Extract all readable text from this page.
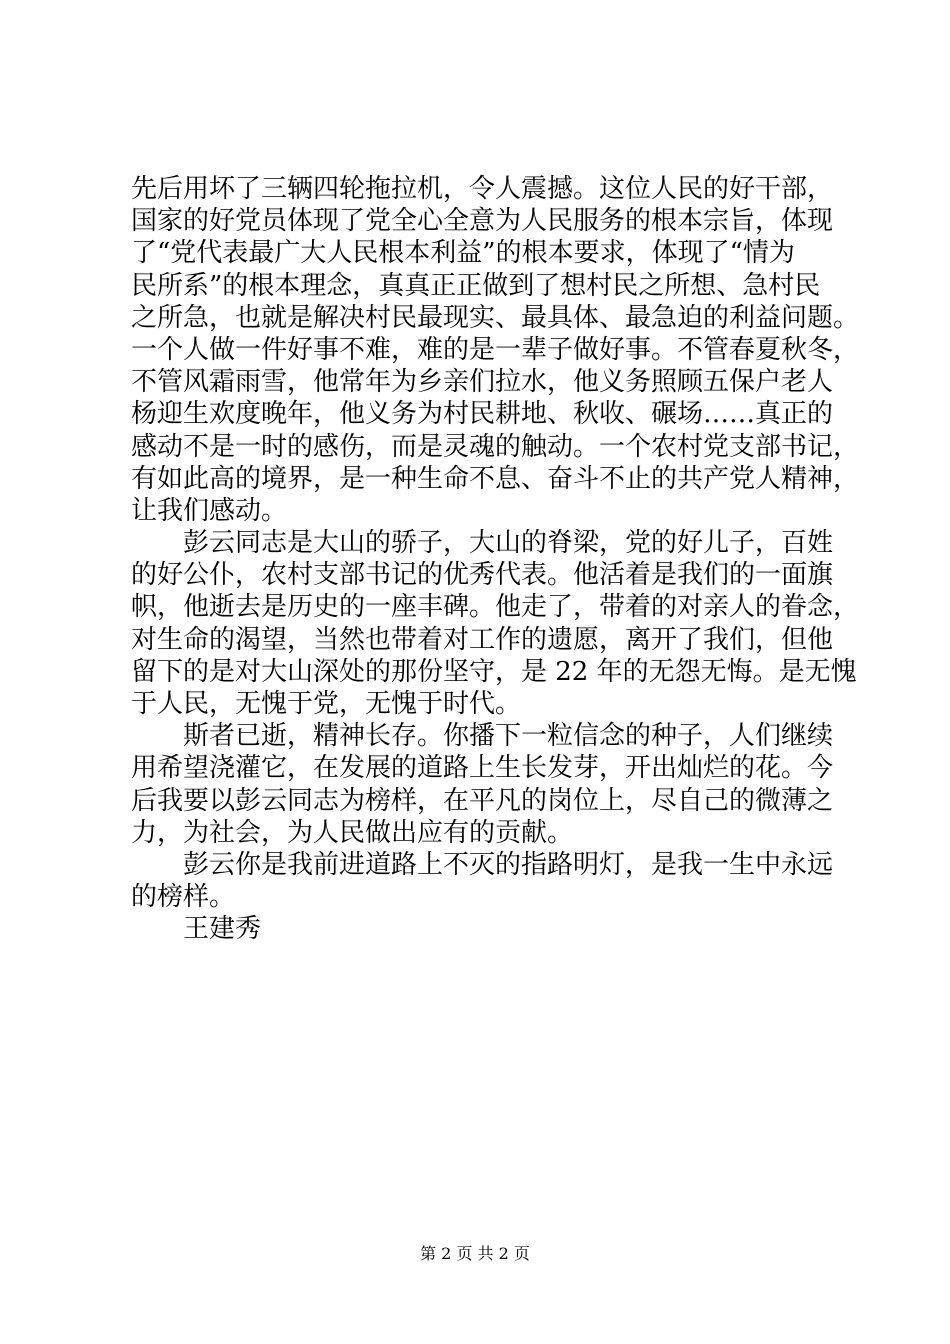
先后用坏了三辆四轮拖拉机，令人震撼。这位人民的好干部，
国家的好党员体现了党全心全意为人民服务的根本宗旨，体现
了“党代表最广大人民根本利益”的根本要求，体现了“情为
民所系”的根本理念，真真正正做到了想村民之所想、急村民
之所急，也就是解决村民最现实、最具体、最急迫的利益问题。
一个人做一件好事不难，难的是一辈子做好事。不管春夏秋冬，
不管风霜雨雪，他常年为乡亲们拉水，他义务照顾五保户老人
杨迎生欢度晚年，他义务为村民耕地、秋收、碾场……真正的
感动不是一时的感伤，而是灵魂的触动。一个农村党支部书记，
有如此高的境界，是一种生命不息、奋斗不止的共产党人精神，
让我们感动。
彭云同志是大山的骄子，大山的脊梁，党的好儿子，百姓
的好公仆，农村支部书记的优秀代表。他活着是我们的一面旗
帜，他逝去是历史的一座丰碑。他走了，带着的对亲人的眷念，
对生命的渴望，当然也带着对工作的遗愿，离开了我们，但他
留下的是对大山深处的那份坚守，是 22 年的无怨无悔。是无愧
于人民，无愧于党，无愧于时代。
斯者已逝，精神长存。你播下一粒信念的种子，人们继续
用希望浇灌它，在发展的道路上生长发芽，开出灿烂的花。今
后我要以彭云同志为榜样，在平凡的岗位上，尽自己的微薄之
力，为社会，为人民做出应有的贡献。
彭云你是我前进道路上不灭的指路明灯，是我一生中永远
的榜样。
王建秀
第 2 页 共 2 页
